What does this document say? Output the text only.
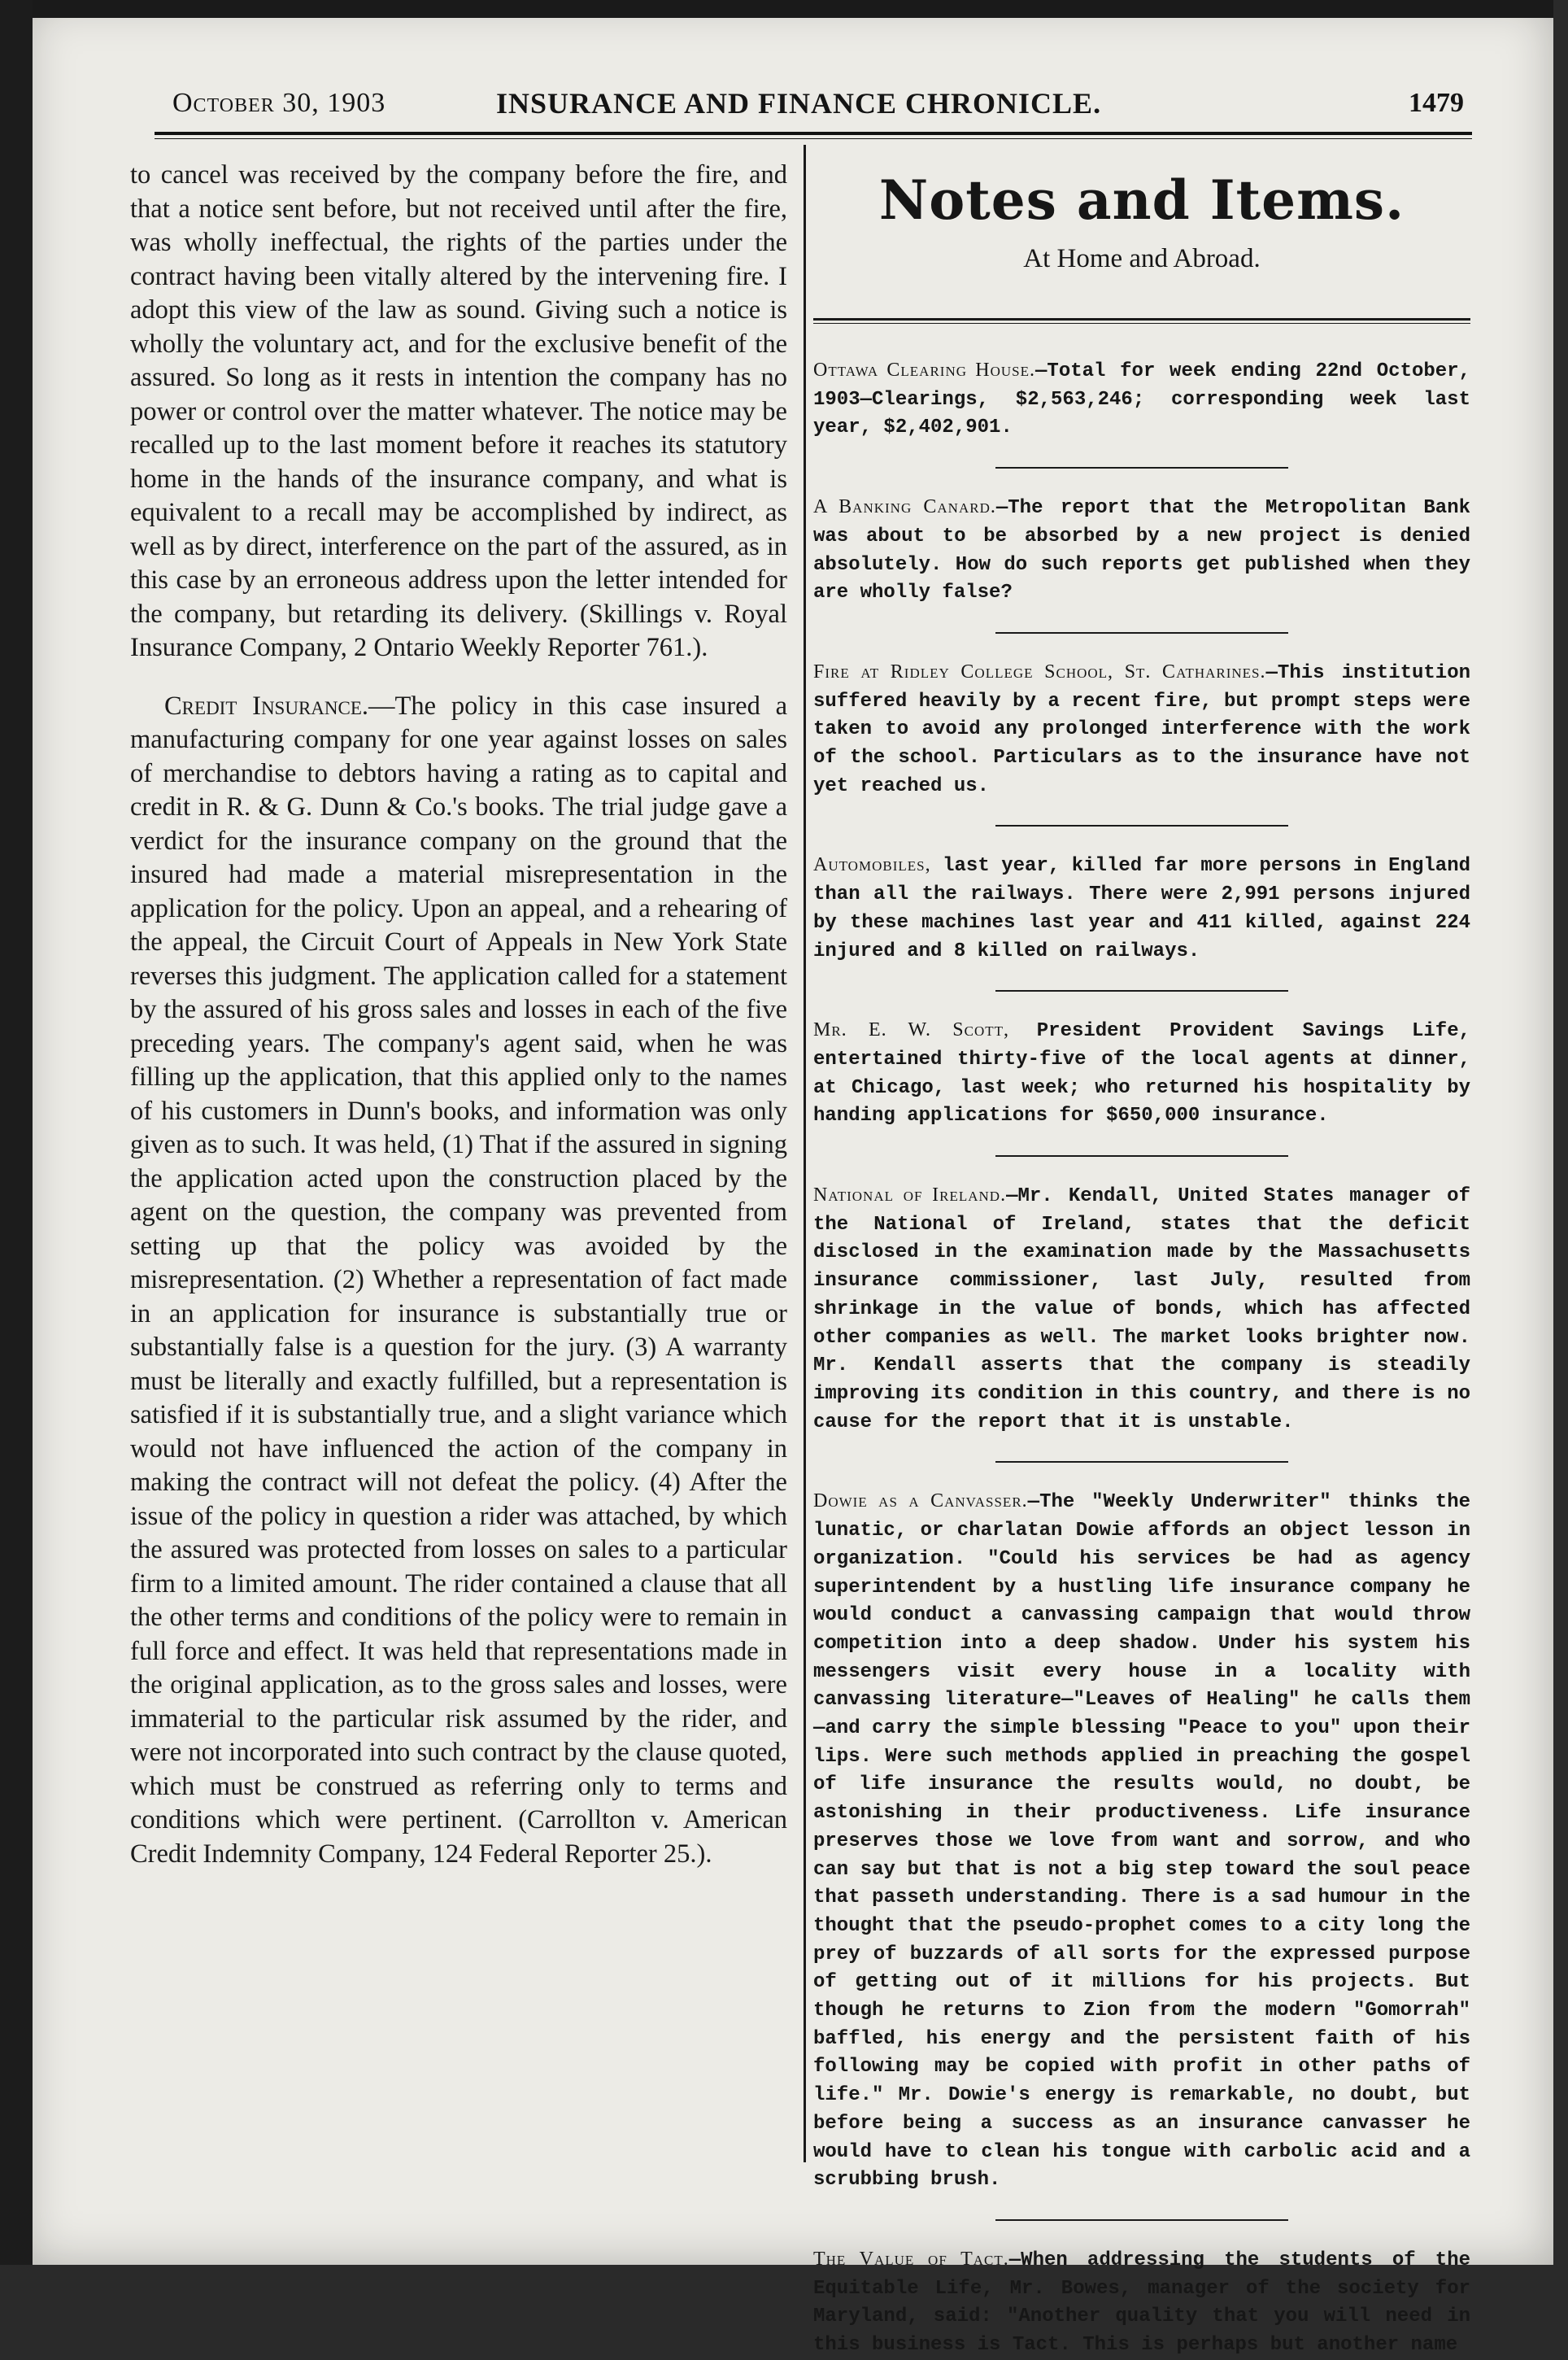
October 30, 1903	INSURANCE AND FINANCE CHRONICLE.	1479

to cancel was received by the company before the fire, and that a notice sent before, but not received until after the fire, was wholly ineffectual, the rights of the parties under the contract having been vitally altered by the intervening fire. I adopt this view of the law as sound. Giving such a notice is wholly the voluntary act, and for the exclusive benefit of the assured. So long as it rests in intention the company has no power or control over the matter whatever. The notice may be recalled up to the last moment before it reaches its statutory home in the hands of the insurance company, and what is equivalent to a recall may be accomplished by indirect, as well as by direct, interference on the part of the assured, as in this case by an erroneous address upon the letter intended for the company, but retarding its delivery. (Skillings v. Royal Insurance Company, 2 Ontario Weekly Reporter 761.).

Credit Insurance.—The policy in this case insured a manufacturing company for one year against losses on sales of merchandise to debtors having a rating as to capital and credit in R. & G. Dunn & Co.'s books. The trial judge gave a verdict for the insurance company on the ground that the insured had made a material misrepresentation in the application for the policy. Upon an appeal, and a rehearing of the appeal, the Circuit Court of Appeals in New York State reverses this judgment. The application called for a statement by the assured of his gross sales and losses in each of the five preceding years. The company's agent said, when he was filling up the application, that this applied only to the names of his customers in Dunn's books, and information was only given as to such. It was held, (1) That if the assured in signing the application acted upon the construction placed by the agent on the question, the company was prevented from setting up that the policy was avoided by the misrepresentation. (2) Whether a representation of fact made in an application for insurance is substantially true or substantially false is a question for the jury. (3) A warranty must be literally and exactly fulfilled, but a representation is satisfied if it is substantially true, and a slight variance which would not have influenced the action of the company in making the contract will not defeat the policy. (4) After the issue of the policy in question a rider was attached, by which the assured was protected from losses on sales to a particular firm to a limited amount. The rider contained a clause that all the other terms and conditions of the policy were to remain in full force and effect. It was held that representations made in the original application, as to the gross sales and losses, were immaterial to the particular risk assumed by the rider, and were not incorporated into such contract by the clause quoted, which must be construed as referring only to terms and conditions which were pertinent. (Carrollton v. American Credit Indemnity Company, 124 Federal Reporter 25.).

Notes and Items.
At Home and Abroad.

Ottawa Clearing House.—Total for week ending 22nd October, 1903—Clearings, $2,563,246; corresponding week last year, $2,402,901.

A Banking Canard.—The report that the Metropolitan Bank was about to be absorbed by a new project is denied absolutely. How do such reports get published when they are wholly false?

Fire at Ridley College School, St. Catharines.—This institution suffered heavily by a recent fire, but prompt steps were taken to avoid any prolonged interference with the work of the school. Particulars as to the insurance have not yet reached us.

Automobiles, last year, killed far more persons in England than all the railways. There were 2,991 persons injured by these machines last year and 411 killed, against 224 injured and 8 killed on railways.

Mr. E. W. Scott, President Provident Savings Life, entertained thirty-five of the local agents at dinner, at Chicago, last week; who returned his hospitality by handing applications for $650,000 insurance.

National of Ireland.—Mr. Kendall, United States manager of the National of Ireland, states that the deficit disclosed in the examination made by the Massachusetts insurance commissioner, last July, resulted from shrinkage in the value of bonds, which has affected other companies as well. The market looks brighter now. Mr. Kendall asserts that the company is steadily improving its condition in this country, and there is no cause for the report that it is unstable.

Dowie as a Canvasser.—The "Weekly Underwriter" thinks the lunatic, or charlatan Dowie affords an object lesson in organization. "Could his services be had as agency superintendent by a hustling life insurance company he would conduct a canvassing campaign that would throw competition into a deep shadow. Under his system his messengers visit every house in a locality with canvassing literature—"Leaves of Healing" he calls them —and carry the simple blessing "Peace to you" upon their lips. Were such methods applied in preaching the gospel of life insurance the results would, no doubt, be astonishing in their productiveness. Life insurance preserves those we love from want and sorrow, and who can say but that is not a big step toward the soul peace that passeth understanding. There is a sad humour in the thought that the pseudo-prophet comes to a city long the prey of buzzards of all sorts for the expressed purpose of getting out of it millions for his projects. But though he returns to Zion from the modern "Gomorrah" baffled, his energy and the persistent faith of his following may be copied with profit in other paths of life." Mr. Dowie's energy is remarkable, no doubt, but before being a success as an insurance canvasser he would have to clean his tongue with carbolic acid and a scrubbing brush.

The Value of Tact.—When addressing the students of the Equitable Life, Mr. Bowes, manager of the society for Maryland, said: "Another quality that you will need in this business is Tact. This is perhaps but another name
